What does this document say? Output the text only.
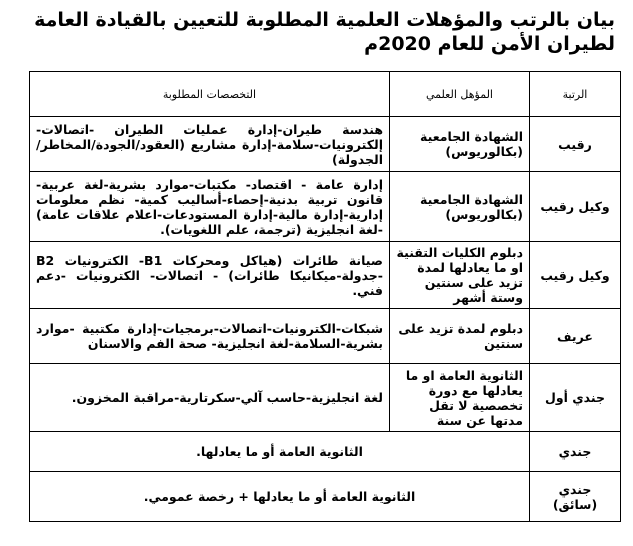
بيان بالرتب والمؤهلات العلمية المطلوبة للتعيين بالقيادة العامة لطيران الأمن للعام 2020م
الرتبة	المؤهل العلمي	التخصصات المطلوبة
رقيب	الشهادة الجامعية (بكالوريوس)	هندسة طيران-إدارة عمليات الطيران -اتصالات-إلكترونيات-سلامة-إدارة مشاريع (العقود/الجودة/المخاطر/الجدولة)
وكيل رقيب	الشهادة الجامعية (بكالوريوس)	إدارة عامة - اقتصاد- مكتبات-موارد بشرية-لغة عربية- قانون تربية بدنية-إحصاء-أساليب كمية- نظم معلومات إدارية-إدارة مالية-إدارة المستودعات-اعلام علاقات عامة) -لغة انجليزية (ترجمة، علم اللغويات).
وكيل رقيب	دبلوم الكليات التقنية او ما يعادلها لمدة تزيد على سنتين وستة أشهر	صيانة طائرات (هياكل ومحركات B1- الكترونيات B2 -جدولة-ميكانيكا طائرات) - اتصالات- الكترونيات -دعم فني.
عريف	دبلوم لمدة تزيد على سنتين	شبكات-الكترونيات-اتصالات-برمجيات-إدارة مكتبية -موارد بشرية-السلامة-لغة انجليزية- صحة الفم والاسنان
جندي أول	الثانوية العامة او ما يعادلها مع دورة تخصصية لا تقل مدتها عن سنة	لغة انجليزية-حاسب آلي-سكرتارية-مراقبة المخزون.
جندي	الثانوية العامة أو ما يعادلها.	
جندي (سائق)	الثانوية العامة أو ما يعادلها + رخصة عمومي.	
